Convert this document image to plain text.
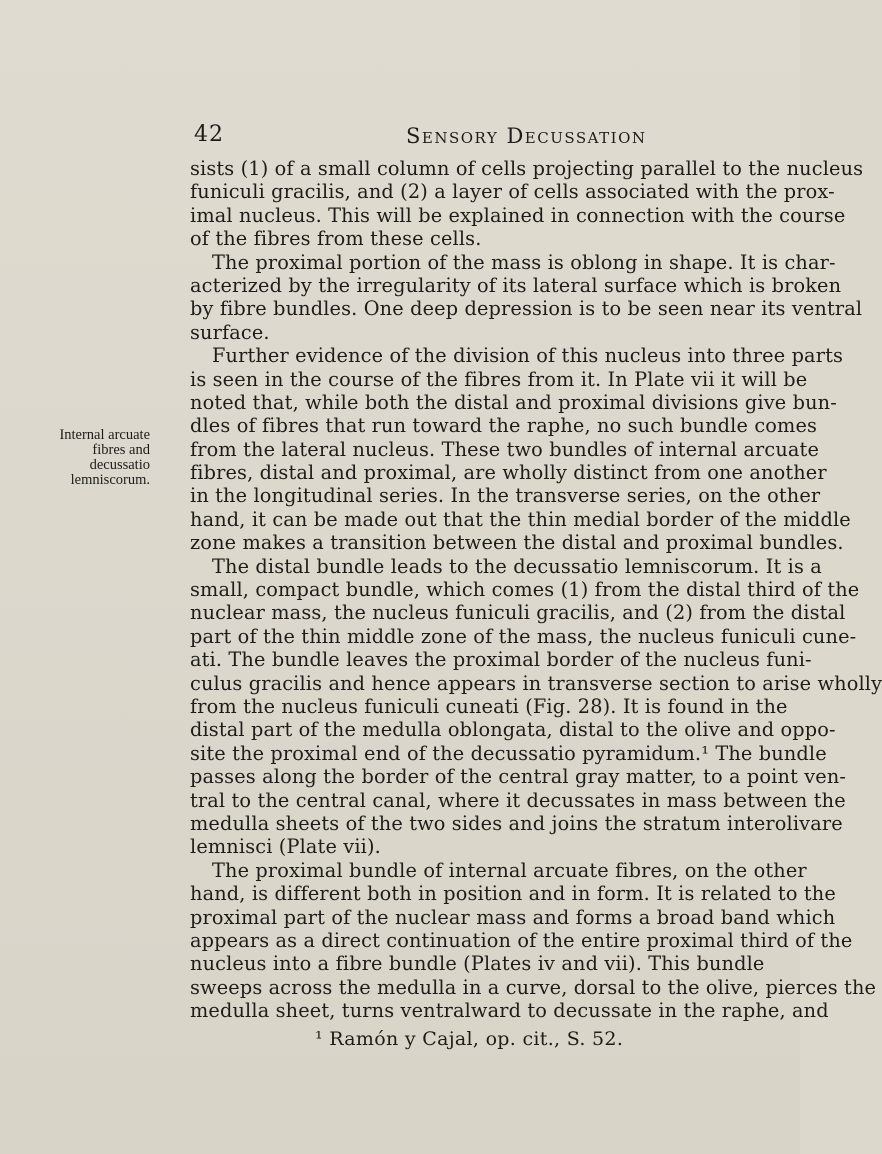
42	Sensory Decussation
Internal arcuate
fibres and
decussatio
lemniscorum.
sists (1) of a small column of cells projecting parallel to the nucleus
funiculi gracilis, and (2) a layer of cells associated with the prox-
imal nucleus. This will be explained in connection with the course
of the fibres from these cells.
The proximal portion of the mass is oblong in shape. It is char-
acterized by the irregularity of its lateral surface which is broken
by fibre bundles. One deep depression is to be seen near its ventral
surface.
Further evidence of the division of this nucleus into three parts
is seen in the course of the fibres from it. In Plate vii it will be
noted that, while both the distal and proximal divisions give bun-
dles of fibres that run toward the raphe, no such bundle comes
from the lateral nucleus. These two bundles of internal arcuate
fibres, distal and proximal, are wholly distinct from one another
in the longitudinal series. In the transverse series, on the other
hand, it can be made out that the thin medial border of the middle
zone makes a transition between the distal and proximal bundles.
The distal bundle leads to the decussatio lemniscorum. It is a
small, compact bundle, which comes (1) from the distal third of the
nuclear mass, the nucleus funiculi gracilis, and (2) from the distal
part of the thin middle zone of the mass, the nucleus funiculi cune-
ati. The bundle leaves the proximal border of the nucleus funi-
culus gracilis and hence appears in transverse section to arise wholly
from the nucleus funiculi cuneati (Fig. 28). It is found in the
distal part of the medulla oblongata, distal to the olive and oppo-
site the proximal end of the decussatio pyramidum.¹ The bundle
passes along the border of the central gray matter, to a point ven-
tral to the central canal, where it decussates in mass between the
medulla sheets of the two sides and joins the stratum interolivare
lemnisci (Plate vii).
The proximal bundle of internal arcuate fibres, on the other
hand, is different both in position and in form. It is related to the
proximal part of the nuclear mass and forms a broad band which
appears as a direct continuation of the entire proximal third of the
nucleus into a fibre bundle (Plates iv and vii). This bundle
sweeps across the medulla in a curve, dorsal to the olive, pierces the
medulla sheet, turns ventralward to decussate in the raphe, and
¹ Ramón y Cajal, op. cit., S. 52.
